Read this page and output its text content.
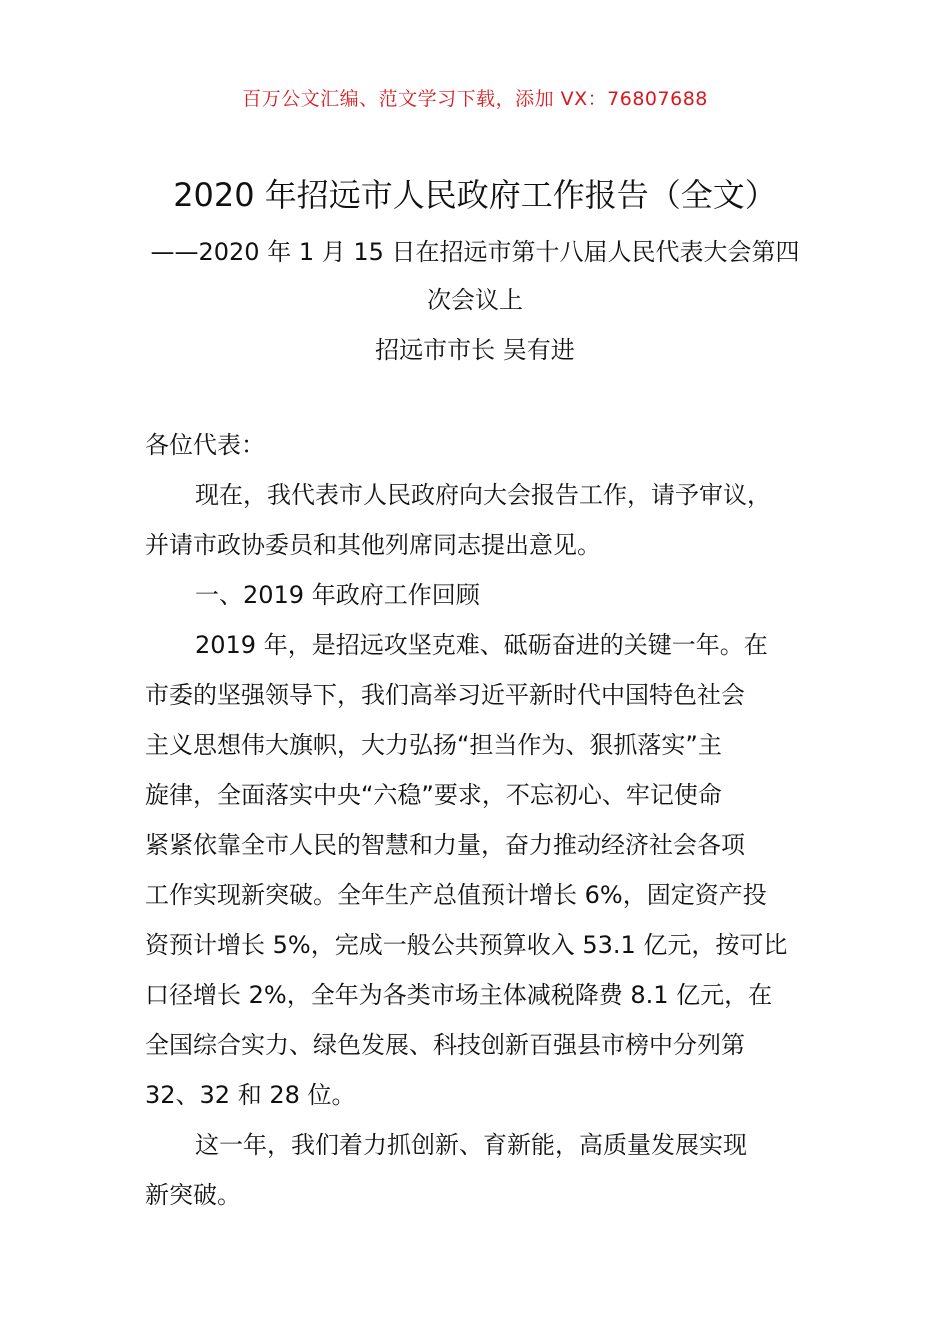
百万公文汇编、范文学习下载，添加 VX：76807688
2020 年招远市人民政府工作报告（全文）
——2020 年 1 月 15 日在招远市第十八届人民代表大会第四
次会议上
招远市市长 吴有进
各位代表：
现在，我代表市人民政府向大会报告工作，请予审议，
并请市政协委员和其他列席同志提出意见。
一、2019 年政府工作回顾
2019 年，是招远攻坚克难、砥砺奋进的关键一年。在
市委的坚强领导下，我们高举习近平新时代中国特色社会
主义思想伟大旗帜，大力弘扬“担当作为、狠抓落实”主
旋律，全面落实中央“六稳”要求，不忘初心、牢记使命
紧紧依靠全市人民的智慧和力量，奋力推动经济社会各项
工作实现新突破。全年生产总值预计增长 6%，固定资产投
资预计增长 5%，完成一般公共预算收入 53.1 亿元，按可比
口径增长 2%，全年为各类市场主体减税降费 8.1 亿元，在
全国综合实力、绿色发展、科技创新百强县市榜中分列第
32、32 和 28 位。
这一年，我们着力抓创新、育新能，高质量发展实现
新突破。
